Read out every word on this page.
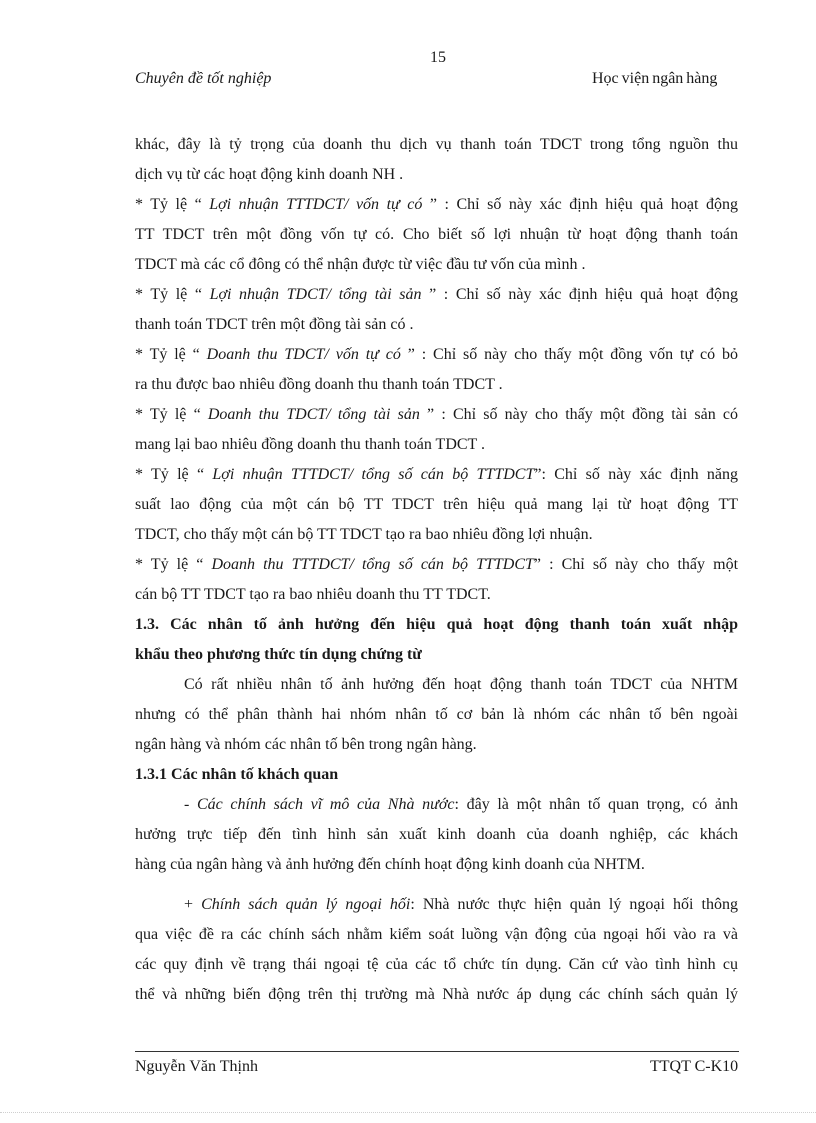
15
Chuyên đề tốt nghiệp	Học viện ngân hàng
khác, đây là tỷ trọng của doanh thu dịch vụ thanh toán TDCT trong tổng nguồn thu
dịch vụ từ các hoạt động kinh doanh NH .
* Tỷ lệ “ Lợi nhuận TTTDCT/ vốn tự có ” : Chỉ số này xác định hiệu quả hoạt động
TT TDCT trên một đồng vốn tự có. Cho biết số lợi nhuận từ hoạt động thanh toán
TDCT mà các cổ đông có thể nhận được từ việc đầu tư vốn của mình .
* Tỷ lệ “ Lợi nhuận TDCT/ tổng tài sản ” : Chỉ số này xác định hiệu quả hoạt động
thanh toán TDCT trên một đồng tài sản có .
* Tỷ lệ “ Doanh thu TDCT/ vốn tự có ” : Chỉ số này cho thấy một đồng vốn tự có bỏ
ra thu được bao nhiêu đồng doanh thu thanh toán TDCT .
* Tỷ lệ “ Doanh thu TDCT/ tổng tài sản ” : Chỉ số này cho thấy một đồng tài sản có
mang lại bao nhiêu đồng doanh thu thanh toán TDCT .
* Tỷ lệ “ Lợi nhuận TTTDCT/ tổng số cán bộ TTTDCT”: Chỉ số này xác định năng
suất lao động của một cán bộ TT TDCT trên hiệu quả mang lại từ hoạt động TT
TDCT, cho thấy một cán bộ TT TDCT tạo ra bao nhiêu đồng lợi nhuận.
* Tỷ lệ “ Doanh thu TTTDCT/ tổng số cán bộ TTTDCT” : Chỉ số này cho thấy một
cán bộ TT TDCT tạo ra bao nhiêu doanh thu TT TDCT.
1.3. Các nhân tố ảnh hưởng đến hiệu quả hoạt động thanh toán xuất nhập
khẩu theo phương thức tín dụng chứng từ
Có rất nhiều nhân tố ảnh hưởng đến hoạt động thanh toán TDCT của NHTM
nhưng có thể phân thành hai nhóm nhân tố cơ bản là nhóm các nhân tố bên ngoài
ngân hàng và nhóm các nhân tố bên trong ngân hàng.
1.3.1 Các nhân tố khách quan
- Các chính sách vĩ mô của Nhà nước: đây là một nhân tố quan trọng, có ảnh
hưởng trực tiếp đến tình hình sản xuất kinh doanh của doanh nghiệp, các khách
hàng của ngân hàng và ảnh hưởng đến chính hoạt động kinh doanh của NHTM.
+ Chính sách quản lý ngoại hối: Nhà nước thực hiện quản lý ngoại hối thông
qua việc đề ra các chính sách nhằm kiểm soát luồng vận động của ngoại hối vào ra và
các quy định về trạng thái ngoại tệ của các tổ chức tín dụng. Căn cứ vào tình hình cụ
thể và những biến động trên thị trường mà Nhà nước áp dụng các chính sách quản lý
Nguyễn Văn Thịnh	TTQT C-K10
